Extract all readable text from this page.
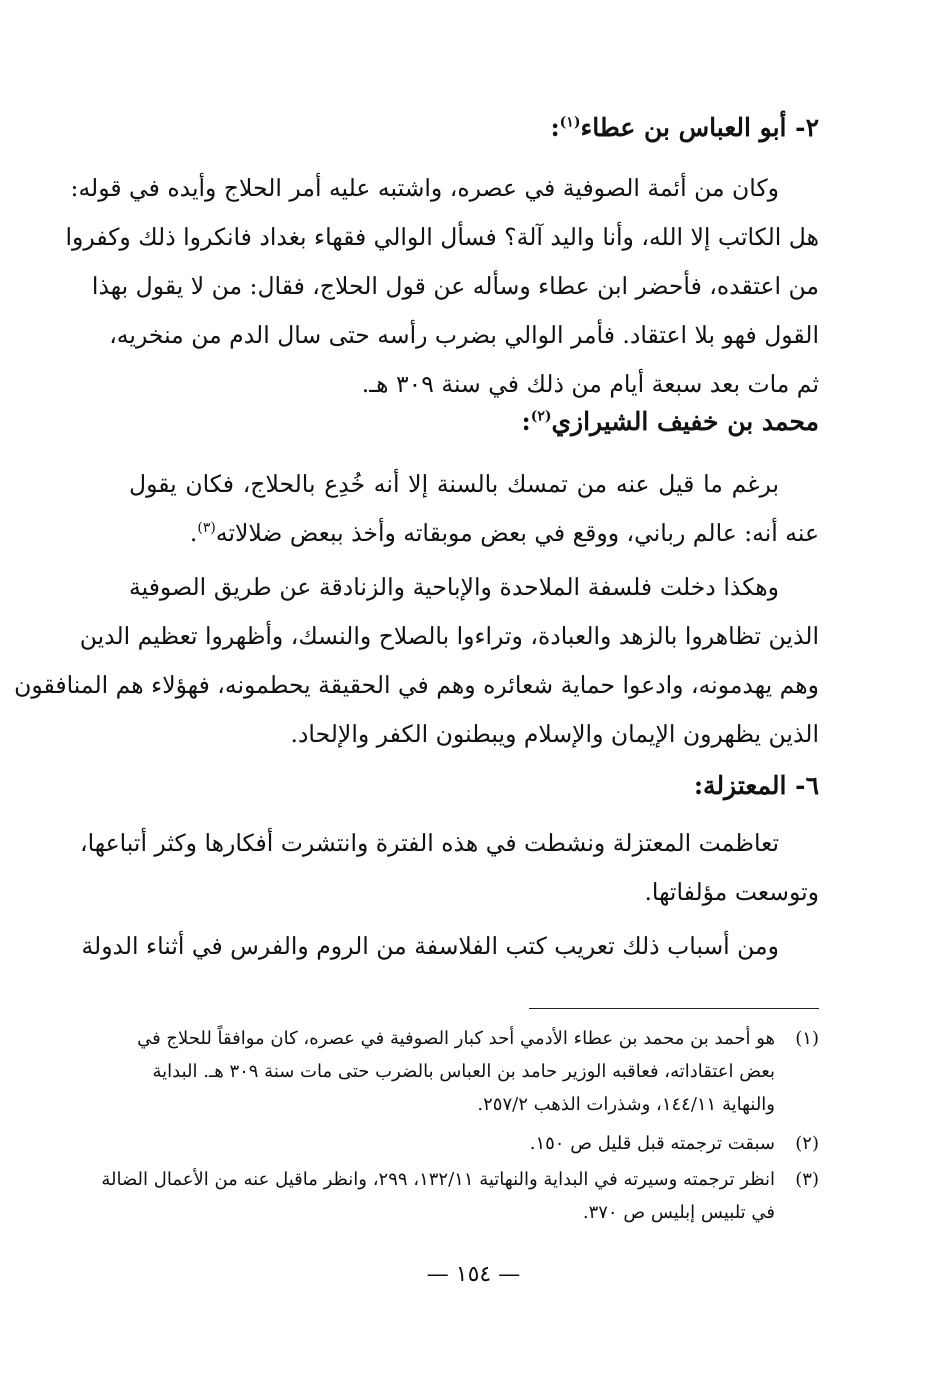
٢- أبو العباس بن عطاء$^{(١)}$:
وكان من أئمة الصوفية في عصره، واشتبه عليه أمر الحلاج وأيده في قوله:
هل الكاتب إلا الله، وأنا واليد آلة؟ فسأل الوالي فقهاء بغداد فانكروا ذلك وكفروا
من اعتقده، فأحضر ابن عطاء وسأله عن قول الحلاج، فقال: من لا يقول بهذا
القول فهو بلا اعتقاد. فأمر الوالي بضرب رأسه حتى سال الدم من منخريه،
ثم مات بعد سبعة أيام من ذلك في سنة ٣٠٩ هـ.
محمد بن خفيف الشيرازي$^{(٢)}$:
برغم ما قيل عنه من تمسك بالسنة إلا أنه خُدِع بالحلاج، فكان يقول
عنه أنه: عالم رباني، ووقع في بعض موبقاته وأخذ ببعض ضلالاته$^{(٣)}$.
وهكذا دخلت فلسفة الملاحدة والإباحية والزنادقة عن طريق الصوفية
الذين تظاهروا بالزهد والعبادة، وتراءوا بالصلاح والنسك، وأظهروا تعظيم الدين
وهم يهدمونه، وادعوا حماية شعائره وهم في الحقيقة يحطمونه، فهؤلاء هم المنافقون
الذين يظهرون الإيمان والإسلام ويبطنون الكفر والإلحاد.
٦- المعتزلة:
تعاظمت المعتزلة ونشطت في هذه الفترة وانتشرت أفكارها وكثر أتباعها،
وتوسعت مؤلفاتها.
ومن أسباب ذلك تعريب كتب الفلاسفة من الروم والفرس في أثناء الدولة
(١)
هو أحمد بن محمد بن عطاء الأدمي أحد كبار الصوفية في عصره، كان موافقاً للحلاج في
بعض اعتقاداته، فعاقبه الوزير حامد بن العباس بالضرب حتى مات سنة ٣٠٩ هـ. البداية
والنهاية ١٤٤/١١، وشذرات الذهب ٢٥٧/٢.
(٢)
سبقت ترجمته قبل قليل ص ١٥٠.
(٣)
انظر ترجمته وسيرته في البداية والنهاتية ١٣٢/١١، ٢٩٩، وانظر ماقيل عنه من الأعمال الضالة
في تلبيس إبليس ص ٣٧٠.
— ١٥٤ —
